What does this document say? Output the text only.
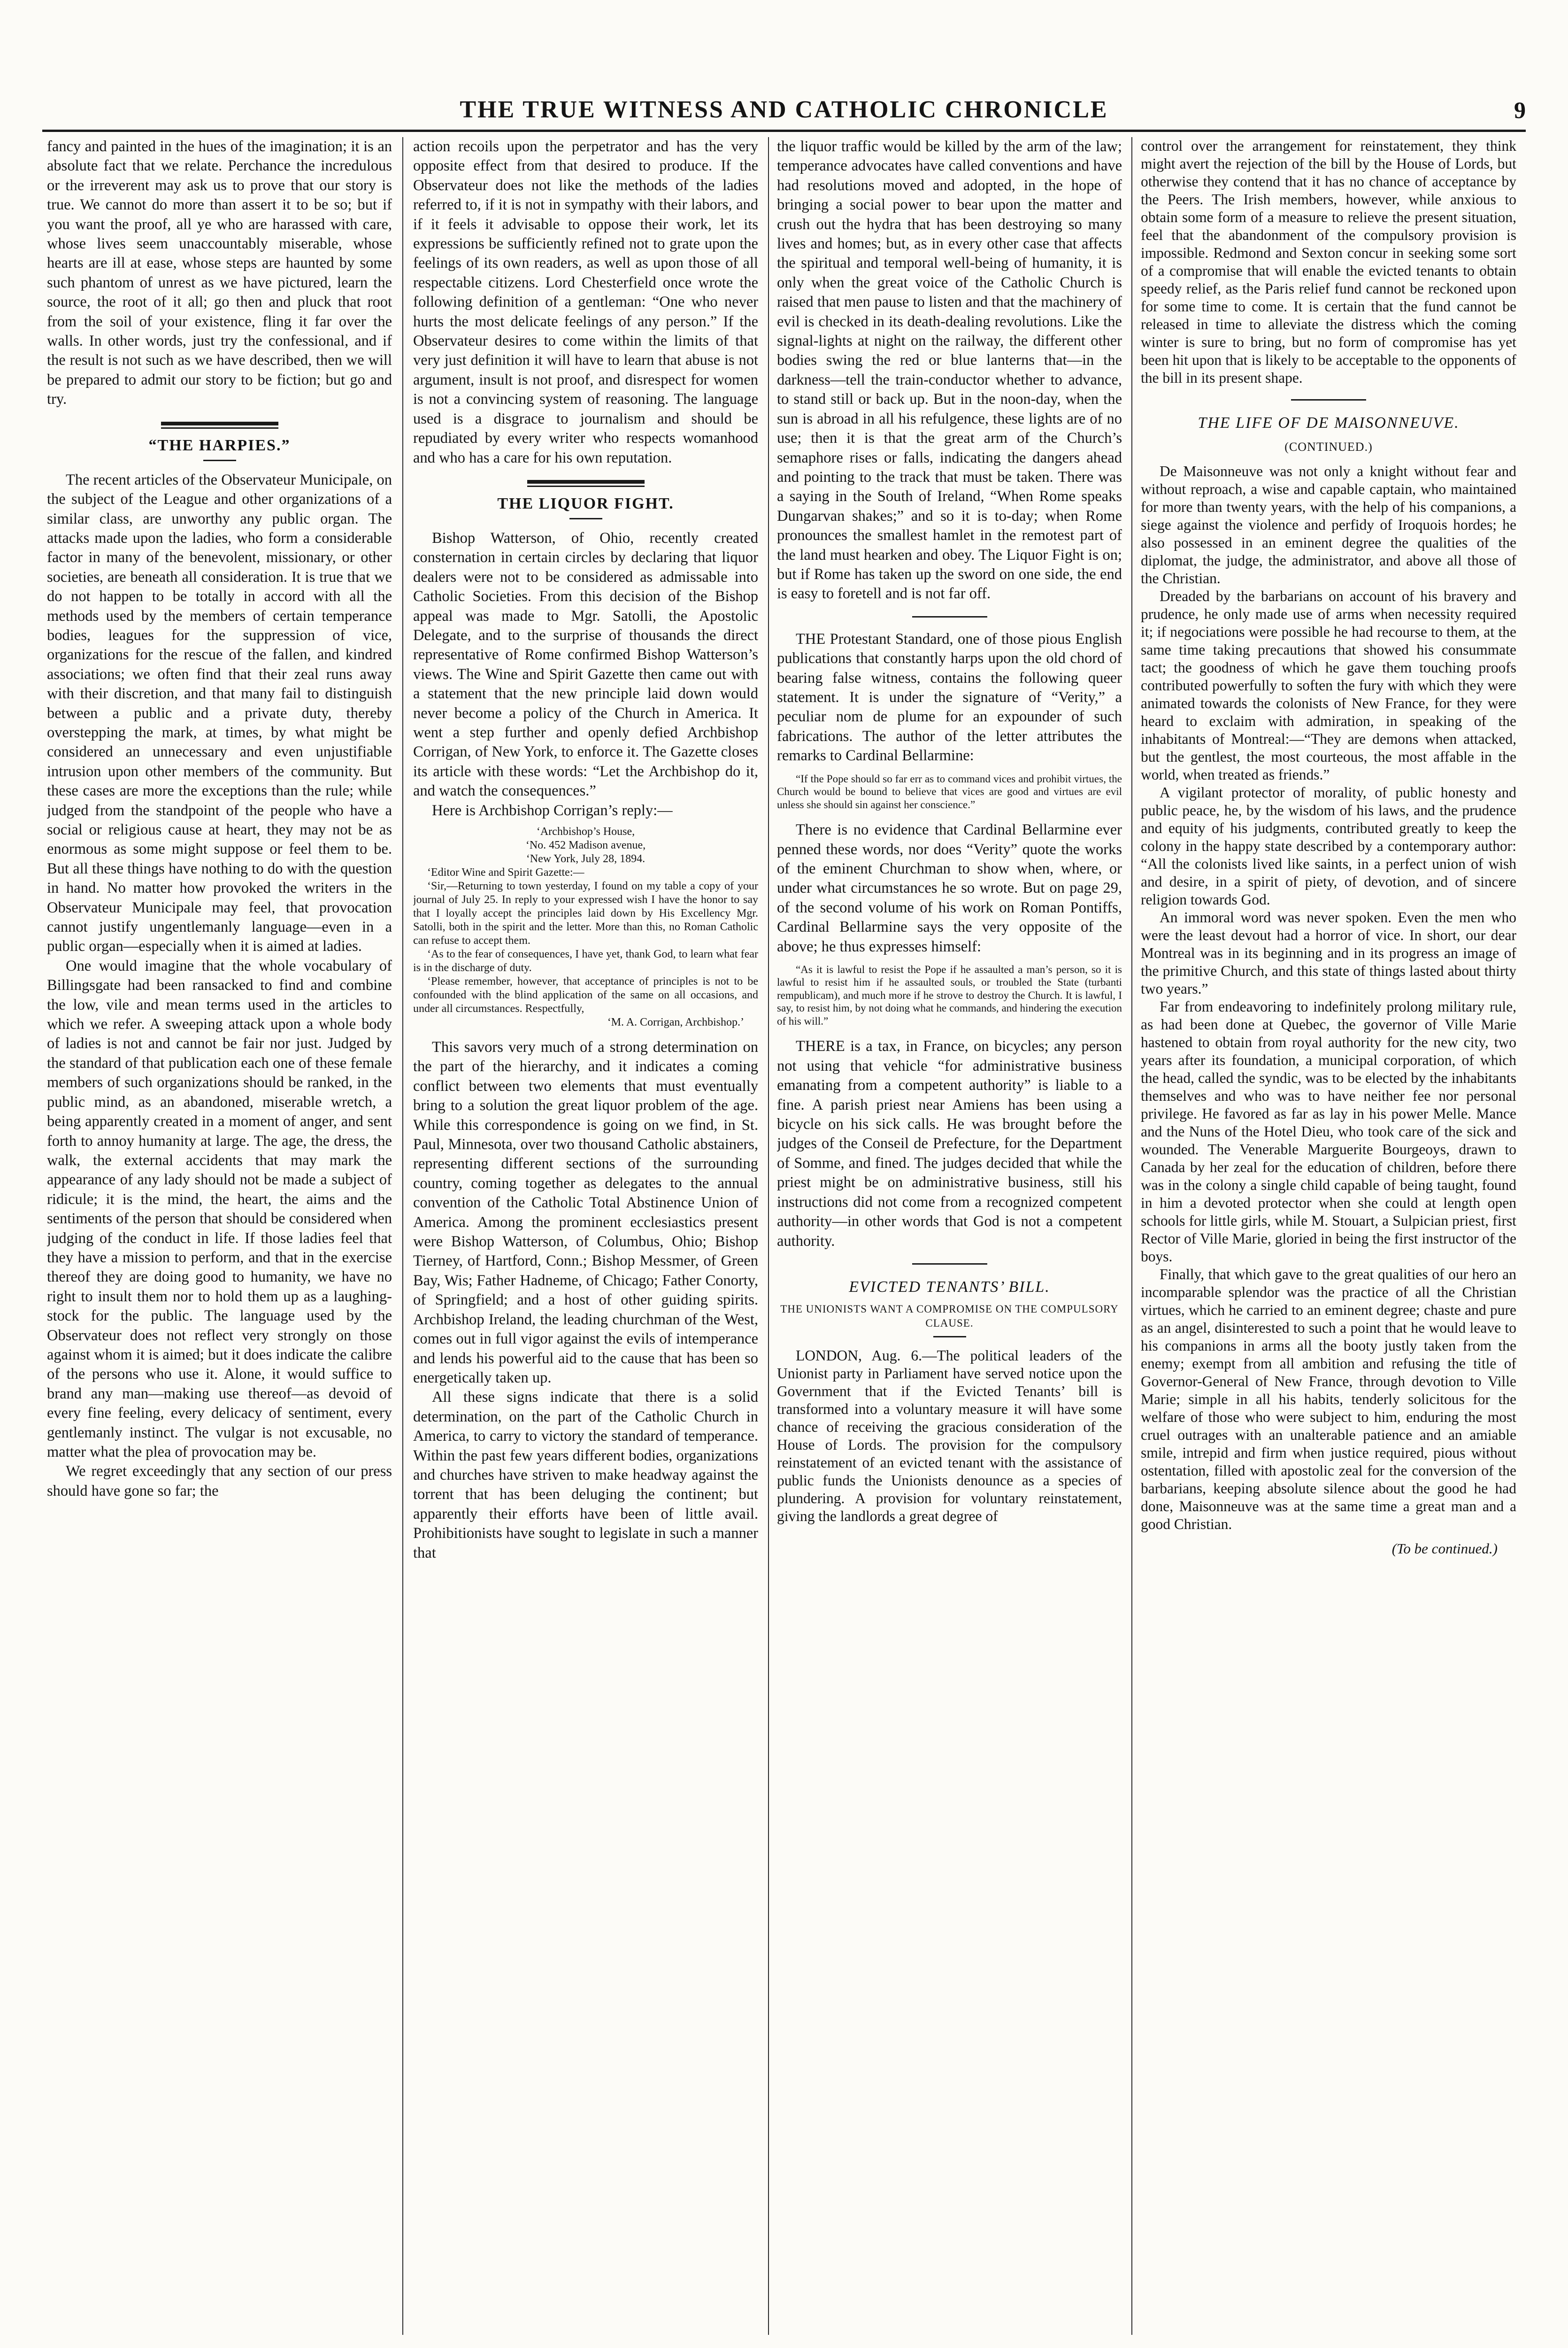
THE TRUE WITNESS AND CATHOLIC CHRONICLE	9

fancy and painted in the hues of the imagination; it is an absolute fact that we relate. Perchance the incredulous or the irreverent may ask us to prove that our story is true. We cannot do more than assert it to be so; but if you want the proof, all ye who are harassed with care, whose lives seem unaccountably miserable, whose hearts are ill at ease, whose steps are haunted by some such phantom of unrest as we have pictured, learn the source, the root of it all; go then and pluck that root from the soil of your existence, fling it far over the walls. In other words, just try the confessional, and if the result is not such as we have described, then we will be prepared to admit our story to be fiction; but go and try.

“THE HARPIES.”

The recent articles of the Observateur Municipale, on the subject of the League and other organizations of a similar class, are unworthy any public organ. The attacks made upon the ladies, who form a considerable factor in many of the benevolent, missionary, or other societies, are beneath all consideration. It is true that we do not happen to be totally in accord with all the methods used by the members of certain temperance bodies, leagues for the suppression of vice, organizations for the rescue of the fallen, and kindred associations; we often find that their zeal runs away with their discretion, and that many fail to distinguish between a public and a private duty, thereby overstepping the mark, at times, by what might be considered an unnecessary and even unjustifiable intrusion upon other members of the community. But these cases are more the exceptions than the rule; while judged from the standpoint of the people who have a social or religious cause at heart, they may not be as enormous as some might suppose or feel them to be. But all these things have nothing to do with the question in hand. No matter how provoked the writers in the Observateur Municipale may feel, that provocation cannot justify ungentlemanly language—even in a public organ—especially when it is aimed at ladies.

One would imagine that the whole vocabulary of Billingsgate had been ransacked to find and combine the low, vile and mean terms used in the articles to which we refer. A sweeping attack upon a whole body of ladies is not and cannot be fair nor just. Judged by the standard of that publication each one of these female members of such organizations should be ranked, in the public mind, as an abandoned, miserable wretch, a being apparently created in a moment of anger, and sent forth to annoy humanity at large. The age, the dress, the walk, the external accidents that may mark the appearance of any lady should not be made a subject of ridicule; it is the mind, the heart, the aims and the sentiments of the person that should be considered when judging of the conduct in life. If those ladies feel that they have a mission to perform, and that in the exercise thereof they are doing good to humanity, we have no right to insult them nor to hold them up as a laughing-stock for the public. The language used by the Observateur does not reflect very strongly on those against whom it is aimed; but it does indicate the calibre of the persons who use it. Alone, it would suffice to brand any man—making use thereof—as devoid of every fine feeling, every delicacy of sentiment, every gentlemanly instinct. The vulgar is not excusable, no matter what the plea of provocation may be.

We regret exceedingly that any section of our press should have gone so far; the

action recoils upon the perpetrator and has the very opposite effect from that desired to produce. If the Observateur does not like the methods of the ladies referred to, if it is not in sympathy with their labors, and if it feels it advisable to oppose their work, let its expressions be sufficiently refined not to grate upon the feelings of its own readers, as well as upon those of all respectable citizens. Lord Chesterfield once wrote the following definition of a gentleman: “One who never hurts the most delicate feelings of any person.” If the Observateur desires to come within the limits of that very just definition it will have to learn that abuse is not argument, insult is not proof, and disrespect for women is not a convincing system of reasoning. The language used is a disgrace to journalism and should be repudiated by every writer who respects womanhood and who has a care for his own reputation.

THE LIQUOR FIGHT.

Bishop Watterson, of Ohio, recently created consternation in certain circles by declaring that liquor dealers were not to be considered as admissable into Catholic Societies. From this decision of the Bishop appeal was made to Mgr. Satolli, the Apostolic Delegate, and to the surprise of thousands the direct representative of Rome confirmed Bishop Watterson’s views. The Wine and Spirit Gazette then came out with a statement that the new principle laid down would never become a policy of the Church in America. It went a step further and openly defied Archbishop Corrigan, of New York, to enforce it. The Gazette closes its article with these words: “Let the Archbishop do it, and watch the consequences.”

Here is Archbishop Corrigan’s reply:—

‘Archbishop’s House,

‘No. 452 Madison avenue,

‘New York, July 28, 1894.

‘Editor Wine and Spirit Gazette:—

‘Sir,—Returning to town yesterday, I found on my table a copy of your journal of July 25. In reply to your expressed wish I have the honor to say that I loyally accept the principles laid down by His Excellency Mgr. Satolli, both in the spirit and the letter. More than this, no Roman Catholic can refuse to accept them.

‘As to the fear of consequences, I have yet, thank God, to learn what fear is in the discharge of duty.

‘Please remember, however, that acceptance of principles is not to be confounded with the blind application of the same on all occasions, and under all circumstances. Respectfully,

‘M. A. Corrigan, Archbishop.’

This savors very much of a strong determination on the part of the hierarchy, and it indicates a coming conflict between two elements that must eventually bring to a solution the great liquor problem of the age. While this correspondence is going on we find, in St. Paul, Minnesota, over two thousand Catholic abstainers, representing different sections of the surrounding country, coming together as delegates to the annual convention of the Catholic Total Abstinence Union of America. Among the prominent ecclesiastics present were Bishop Watterson, of Columbus, Ohio; Bishop Tierney, of Hartford, Conn.; Bishop Messmer, of Green Bay, Wis; Father Hadneme, of Chicago; Father Conorty, of Springfield; and a host of other guiding spirits. Archbishop Ireland, the leading churchman of the West, comes out in full vigor against the evils of intemperance and lends his powerful aid to the cause that has been so energetically taken up.

All these signs indicate that there is a solid determination, on the part of the Catholic Church in America, to carry to victory the standard of temperance. Within the past few years different bodies, organizations and churches have striven to make headway against the torrent that has been deluging the continent; but apparently their efforts have been of little avail. Prohibitionists have sought to legislate in such a manner that

the liquor traffic would be killed by the arm of the law; temperance advocates have called conventions and have had resolutions moved and adopted, in the hope of bringing a social power to bear upon the matter and crush out the hydra that has been destroying so many lives and homes; but, as in every other case that affects the spiritual and temporal well-being of humanity, it is only when the great voice of the Catholic Church is raised that men pause to listen and that the machinery of evil is checked in its death-dealing revolutions. Like the signal-lights at night on the railway, the different other bodies swing the red or blue lanterns that—in the darkness—tell the train-conductor whether to advance, to stand still or back up. But in the noon-day, when the sun is abroad in all his refulgence, these lights are of no use; then it is that the great arm of the Church’s semaphore rises or falls, indicating the dangers ahead and pointing to the track that must be taken. There was a saying in the South of Ireland, “When Rome speaks Dungarvan shakes;” and so it is to-day; when Rome pronounces the smallest hamlet in the remotest part of the land must hearken and obey. The Liquor Fight is on; but if Rome has taken up the sword on one side, the end is easy to foretell and is not far off.

THE Protestant Standard, one of those pious English publications that constantly harps upon the old chord of bearing false witness, contains the following queer statement. It is under the signature of “Verity,” a peculiar nom de plume for an expounder of such fabrications. The author of the letter attributes the remarks to Cardinal Bellarmine:

“If the Pope should so far err as to command vices and prohibit virtues, the Church would be bound to believe that vices are good and virtues are evil unless she should sin against her conscience.”

There is no evidence that Cardinal Bellarmine ever penned these words, nor does “Verity” quote the works of the eminent Churchman to show when, where, or under what circumstances he so wrote. But on page 29, of the second volume of his work on Roman Pontiffs, Cardinal Bellarmine says the very opposite of the above; he thus expresses himself:

“As it is lawful to resist the Pope if he assaulted a man’s person, so it is lawful to resist him if he assaulted souls, or troubled the State (turbanti rempublicam), and much more if he strove to destroy the Church. It is lawful, I say, to resist him, by not doing what he commands, and hindering the execution of his will.”

THERE is a tax, in France, on bicycles; any person not using that vehicle “for administrative business emanating from a competent authority” is liable to a fine. A parish priest near Amiens has been using a bicycle on his sick calls. He was brought before the judges of the Conseil de Prefecture, for the Department of Somme, and fined. The judges decided that while the priest might be on administrative business, still his instructions did not come from a recognized competent authority—in other words that God is not a competent authority.

EVICTED TENANTS’ BILL.
THE UNIONISTS WANT A COMPROMISE ON THE COMPULSORY CLAUSE.

LONDON, Aug. 6.—The political leaders of the Unionist party in Parliament have served notice upon the Government that if the Evicted Tenants’ bill is transformed into a voluntary measure it will have some chance of receiving the gracious consideration of the House of Lords. The provision for the compulsory reinstatement of an evicted tenant with the assistance of public funds the Unionists denounce as a species of plundering. A provision for voluntary reinstatement, giving the landlords a great degree of

control over the arrangement for reinstatement, they think might avert the rejection of the bill by the House of Lords, but otherwise they contend that it has no chance of acceptance by the Peers. The Irish members, however, while anxious to obtain some form of a measure to relieve the present situation, feel that the abandonment of the compulsory provision is impossible. Redmond and Sexton concur in seeking some sort of a compromise that will enable the evicted tenants to obtain speedy relief, as the Paris relief fund cannot be reckoned upon for some time to come. It is certain that the fund cannot be released in time to alleviate the distress which the coming winter is sure to bring, but no form of compromise has yet been hit upon that is likely to be acceptable to the opponents of the bill in its present shape.

THE LIFE OF DE MAISONNEUVE.
(CONTINUED.)

De Maisonneuve was not only a knight without fear and without reproach, a wise and capable captain, who maintained for more than twenty years, with the help of his companions, a siege against the violence and perfidy of Iroquois hordes; he also possessed in an eminent degree the qualities of the diplomat, the judge, the administrator, and above all those of the Christian.

Dreaded by the barbarians on account of his bravery and prudence, he only made use of arms when necessity required it; if negociations were possible he had recourse to them, at the same time taking precautions that showed his consummate tact; the goodness of which he gave them touching proofs contributed powerfully to soften the fury with which they were animated towards the colonists of New France, for they were heard to exclaim with admiration, in speaking of the inhabitants of Montreal:—“They are demons when attacked, but the gentlest, the most courteous, the most affable in the world, when treated as friends.”

A vigilant protector of morality, of public honesty and public peace, he, by the wisdom of his laws, and the prudence and equity of his judgments, contributed greatly to keep the colony in the happy state described by a contemporary author: “All the colonists lived like saints, in a perfect union of wish and desire, in a spirit of piety, of devotion, and of sincere religion towards God.

An immoral word was never spoken. Even the men who were the least devout had a horror of vice. In short, our dear Montreal was in its beginning and in its progress an image of the primitive Church, and this state of things lasted about thirty two years.”

Far from endeavoring to indefinitely prolong military rule, as had been done at Quebec, the governor of Ville Marie hastened to obtain from royal authority for the new city, two years after its foundation, a municipal corporation, of which the head, called the syndic, was to be elected by the inhabitants themselves and who was to have neither fee nor personal privilege. He favored as far as lay in his power Melle. Mance and the Nuns of the Hotel Dieu, who took care of the sick and wounded. The Venerable Marguerite Bourgeoys, drawn to Canada by her zeal for the education of children, before there was in the colony a single child capable of being taught, found in him a devoted protector when she could at length open schools for little girls, while M. Stouart, a Sulpician priest, first Rector of Ville Marie, gloried in being the first instructor of the boys.

Finally, that which gave to the great qualities of our hero an incomparable splendor was the practice of all the Christian virtues, which he carried to an eminent degree; chaste and pure as an angel, disinterested to such a point that he would leave to his companions in arms all the booty justly taken from the enemy; exempt from all ambition and refusing the title of Governor-General of New France, through devotion to Ville Marie; simple in all his habits, tenderly solicitous for the welfare of those who were subject to him, enduring the most cruel outrages with an unalterable patience and an amiable smile, intrepid and firm when justice required, pious without ostentation, filled with apostolic zeal for the conversion of the barbarians, keeping absolute silence about the good he had done, Maisonneuve was at the same time a great man and a good Christian.

(To be continued.)
